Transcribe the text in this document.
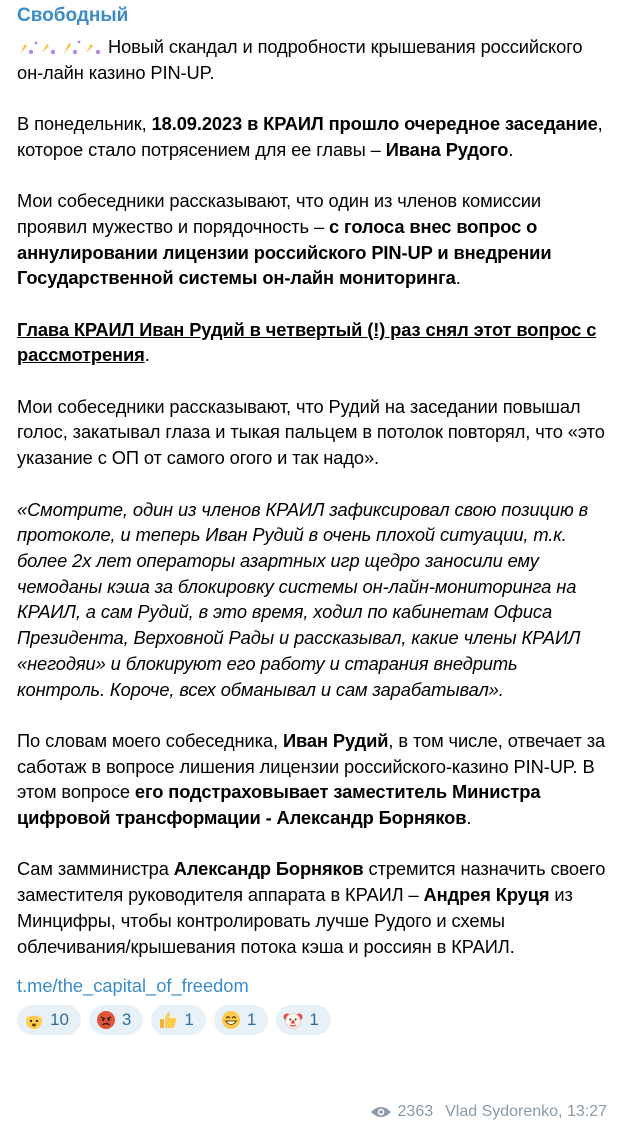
Свободный

Новый скандал и подробности крышевания российского он-лайн казино PIN-UP.

В понедельник, 18.09.2023 в КРАИЛ прошло очередное заседание, которое стало потрясением для ее главы – Ивана Рудого.

Мои собеседники рассказывают, что один из членов комиссии проявил мужество и порядочность – с голоса внес вопрос о аннулировании лицензии российского PIN-UP и внедрении Государственной системы он-лайн мониторинга.

Глава КРАИЛ Иван Рудий в четвертый (!) раз снял этот вопрос с рассмотрения.

Мои собеседники рассказывают, что Рудий на заседании повышал голос, закатывал глаза и тыкая пальцем в потолок повторял, что «это указание с ОП от самого огого и так надо».

«Смотрите, один из членов КРАИЛ зафиксировал свою позицию в протоколе, и теперь Иван Рудий в очень плохой ситуации, т.к. более 2х лет операторы азартных игр щедро заносили ему чемоданы кэша за блокировку системы он-лайн-мониторинга на КРАИЛ, а сам Рудий, в это время, ходил по кабинетам Офиса Президента, Верховной Рады и рассказывал, какие члены КРАИЛ «негодяи» и блокируют его работу и старания внедрить контроль. Короче, всех обманывал и сам зарабатывал».

По словам моего собеседника, Иван Рудий, в том числе, отвечает за саботаж в вопросе лишения лицензии российского-казино PIN-UP. В этом вопросе его подстраховывает заместитель Министра цифровой трансформации - Александр Борняков.

Сам замминистра Александр Борняков стремится назначить своего заместителя руководителя аппарата в КРАИЛ – Андрея Круця из Минцифры, чтобы контролировать лучше Рудого и схемы облечивания/крышевания потока кэша и россиян в КРАИЛ.

t.me/the_capital_of_freedom
10	3	1	1	1
2363 Vlad Sydorenko, 13:27
